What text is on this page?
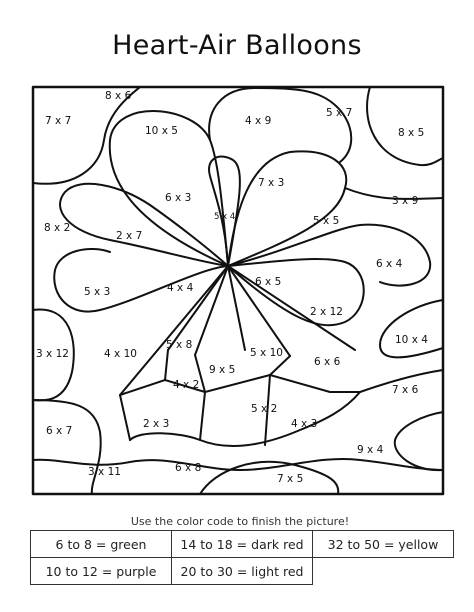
Heart-Air Balloons
8 x 6
7 x 7
10 x 5
4 x 9
5 x 7
8 x 5
7 x 3
6 x 3
5 x 4
3 x 9
8 x 2
2 x 7
5 x 5
6 x 4
5 x 3	4 x 4	6 x 5
2 x 12
5 x 8	10 x 4
3 x 12	4 x 10	5 x 10
6 x 6
9 x 5
4 x 2	7 x 6
5 x 2
6 x 7
2 x 3	4 x 3
9 x 4
3 x 11	6 x 8
7 x 5
Use the color code to finish the picture!
6 to 8 = green	14 to 18 = dark red	32 to 50 = yellow
10 to 12 = purple	20 to 30 = light red	
